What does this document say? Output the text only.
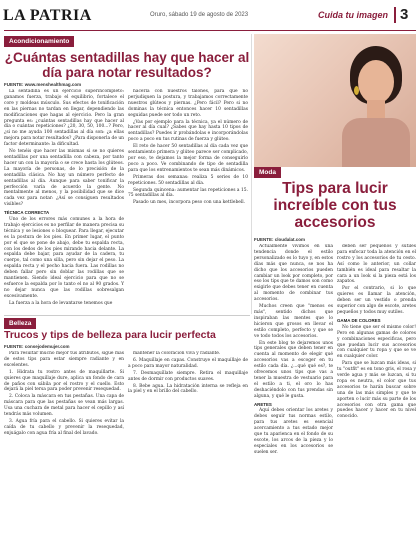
LA PATRIA	Oruro, sábado 19 de agosto de 2023	Cuida tu imagen 3
Acondicionamiento
¿Cuántas sentadillas hay que hacer al día para notar resultados?
FUENTE: www.menshealthmag.com

La sentadilla es un ejercicio superincompleto: ganamos fuerza, trabajo el equilibrio, fortalece el core y moldeas músculo. Sus efectos de tonificación en las piernas no tardan en llegar, dependiendo las modificaciones que hagas al ejercicio. Pero la gran pregunta es: ¿cuántas sentadillas hay que hacer al día o cuántas repeticiones? ¿20, 30, 50, 100...? Pero, ¿si no me ayuda 100 sentadillas al día son: ¿a ellas mejora para notar resultados? ¿Para disponerla de un factor determinante: la dificultad.

No tenéis que hacer las mismas si se no quieres sentadillas por una sentadilla con cabeza, por tanto hacer un con la mayoría o se crece hasta los glúteos. La mayoría de personas, de lo precisión de la sentadilla clásica. No hay un número perfecto de sentadillas al día. Aunque para saber tonificar la perfección varía de acuerdo la gente. No mentalmente al menos, y la posibilidad que se dice cada vez para notar: ¿Así se consiguen resultados visibles?

TÉCNICA CORRECTA

Uno de los errores más comunes a la hora de trabajo ejercicios es no perfilar de manera precisa su técnica y se lesiones o bloquear. Para llegar, ejecutar es la postura de los pies. En primer lugar, el punto por el que se pone de abajo, debe tu espalda recta, con los dedos de los pies mirando hacia delante. La espalda debe bajar, para ayudar de la cadera, tu cuerpo, tal como una silla, pero sin dejar el peso. La espalda recta y el pecho hacia fuera. Las rodillas no deben fallar pero sin doblar las rodillas que se mantienen. Siendo ideal ejercicio para que no se esfuerce la espalda por lo tanto el no al 90 grados. Y no dejar nunca que las rodillas sobresalgan excesivamente.

La fuerza a la hora de levantarse tenemos que

hacerla con nuestros talones, para que no perjudiquen la postura, y trabajamos correctamente nuestros glúteos y piernas. ¿Pero fácil? Pero si no dominas la técnica entonces hacer 10 sentadillas seguidas puede ser todo un reto.

¿Vas por ejemplo para la técnica, ya el número de hacer al día cual? ¿Sabes que hay hasta 10 tipos de sentadillas? Puedes ir probándolas e incorporándolas poco a poco en tus rutinas de fuerza y glúteo.

El reto de hacer 50 sentadillas al día cada vez que sentamiento primera y glúteo parece ser complicado, por eso, te dejamos la mejor forma de conseguirlo poco a poco. Ve combinando de tipo de sentadilla para que los entrenamientos te sean más dinámicos.

Primeras dos semanas: realiza 5 series de 10 repeticiones. 50 sentadillas al día.

Segunda quincena: aumentar las repeticiones a 15. 75 sentadillas al día.

Pasado un mes, incorpora peso con una kettlebell.

Moda
Tips para lucir increíble con tus accesorios
FUENTE: cloudalat.com

Actualmente vivimos en una tendencia donde el estilo personalizado es lo tuyo y, en estos días más que nunca, se nos ha dicho que los accesorios pueden cambiar un look por completo, por eso los tips que te damos son como exigirle que debes tener en cuenta al momento de combinar tus accesorios.

Muchos creen que "menos es más", sentido dichos que inspiraban las mentes que lo hicieron que grosos en llevar el estilo completo, perfecto y que se ve todo todos los accesorios.

En este blog te dejaremos unos tips generales que deben tener en cuenta al momento de elegir qué accesorios vas a escoger en tu estilo cada día. ¿...qué qué es?, te ofrecemos unos tips que vas a tener la muestra de vestuario para el estilo a ti, el oro lo has deshaciéndolo con tus prendas sin alguna, y qué le gusta.

ARETES

Aquí debes orientar los aretes y debes seguir tus normas estilo, para tus aretes es esencial acercamiento a tus estado mejor que tu aparienca en el fondo de su escote, los arcos de la pieza y lo especiales en los accesorios se suelen ser.

deben ser pequeños y sutiles para enfocar toda la atención en el rostro y los accesorios de tu cesto. Así como lo anterior, un collar también es ideal para resaltar la cara a un look si la pieza está los zapatos.

Por el contrario, si lo que quieres es llamar la atención, deben ser un vestido o prenda superior con algo de escote, aretes pequeños y todos muy sutiles.

GAMA DE COLORES

No tiene que ser el mismo color! Pero en algunas gamas de colores y combinaciones especificas, pero que puedan lucir sus accesorios con cualquier tu ropa y que se ve en cualquier color.

Para que se luzcan más ideas, si tu "outfit" es en tono gris, el rosa y verde agua y más se luzcan, si tu ropa es neutra, el color que tus accesorios te harán buscar sobre una de las más simples y que te aporten o lucir más su parte de los accesorios con otra gama que puedes hacer y hacer en tu nivel conocido.

Belleza
Trucos y tips de belleza para lucir perfecta
FUENTE: consejodemujer.com

Para resultar mucho mejor tus atributos, sigue más de estos tips para estar siempre radiante y en excelentes.

1. Hidrata tu rostro antes de maquillarte. Si quieres que maquillaje dure, aplica un fondo de cara de paños con sábila por el rostro y el cuello. Esto dejará la piel tersa para poder prevenir resequedad.

2. Coloca la máscara en tus pestañas. Una capa de máscara para que las pestañas se vean más largas. Usa una cuchara de metal para hacer el cepillo y así tendrás más volumen.

3. Agua fría para el cabello. Si quieres evitar la caída de tu cabello y prevenir la resequedad, enjuágalo con agua fría al final del lavado.

mantener la coloración viva y radiante.

6. Maquillaje en capas. Construye el maquillaje de a poco para mayor naturalidad.

7. Desmaquíllate siempre. Retira el maquillaje antes de dormir con productos suaves.

8. Bebe agua. La hidratación interna se refleja en la piel y en el brillo del cabello.
